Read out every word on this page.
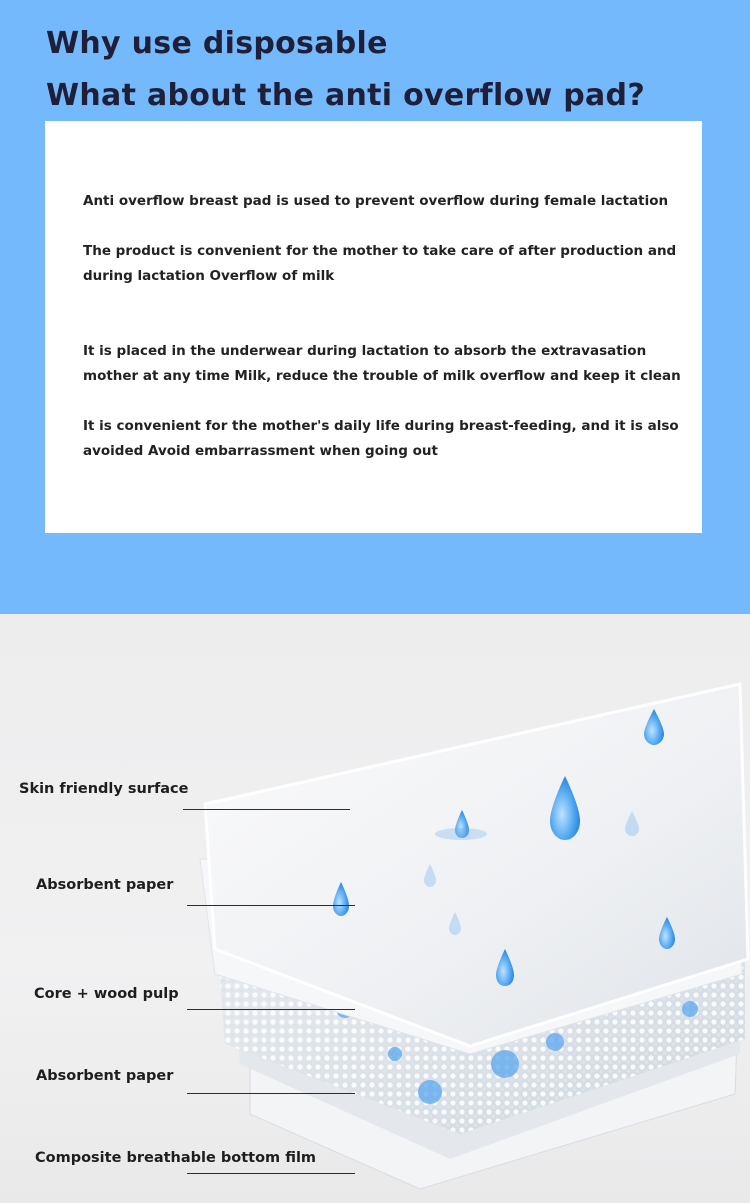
Why use disposable
What about the anti overflow pad?

Anti overflow breast pad is used to prevent overflow during female lactation

The product is convenient for the mother to take care of after production and during lactation Overflow of milk

It is placed in the underwear during lactation to absorb the extravasation mother at any time Milk, reduce the trouble of milk overflow and keep it clean

It is convenient for the mother's daily life during breast-feeding, and it is also avoided Avoid embarrassment when going out

Skin friendly surface

Absorbent paper

Core + wood pulp

Absorbent paper

Composite breathable bottom film
